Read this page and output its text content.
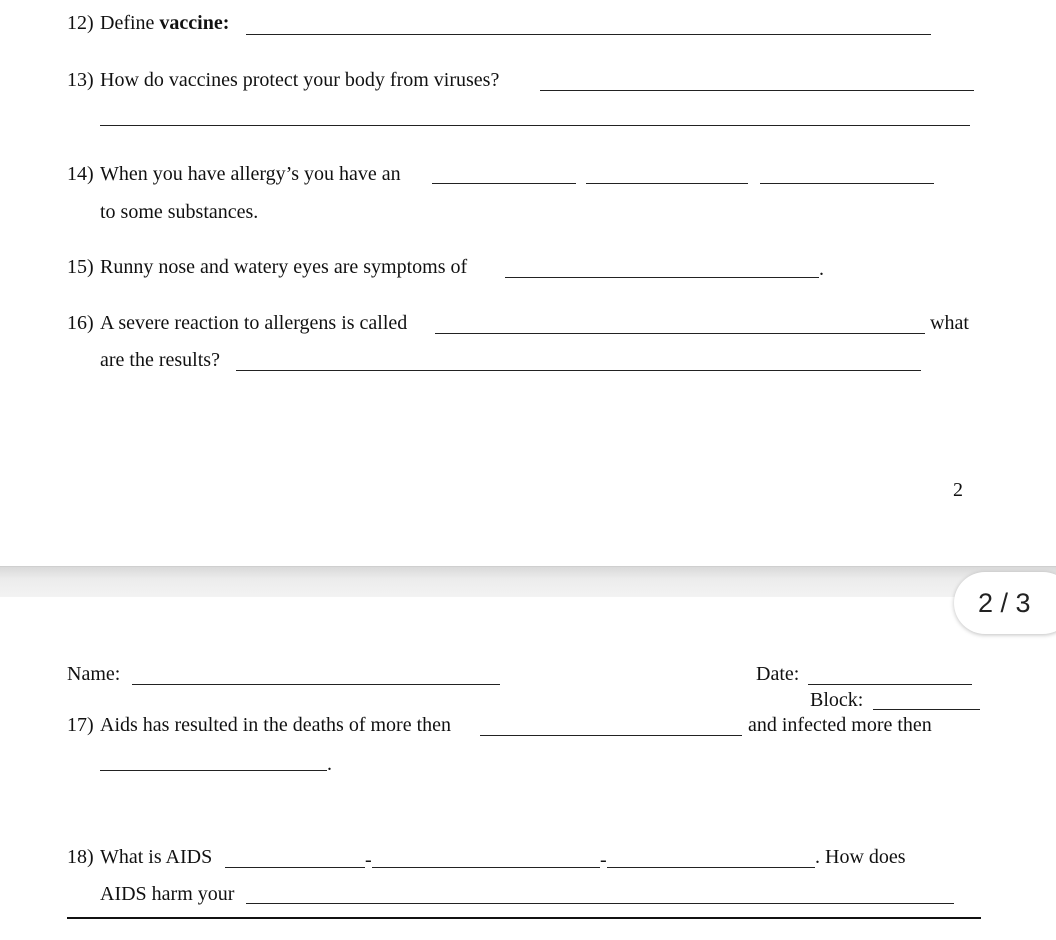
12) Define vaccine:
13) How do vaccines protect your body from viruses?
14) When you have allergy’s you have an
to some substances.
15) Runny nose and watery eyes are symptoms of	.
16) A severe reaction to allergens is called	what
are the results?
2
2 / 3
Name:	Date:
Block:
17) Aids has resulted in the deaths of more then	and infected more then
.
18) What is AIDS	-	-	. How does
AIDS harm your
